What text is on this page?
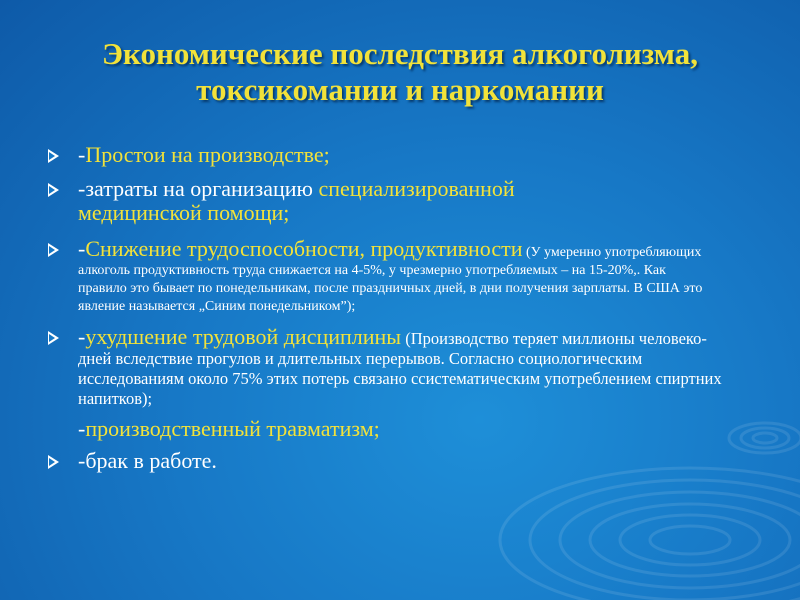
Экономические последствия алкоголизма, токсикомании и наркомании
-Простои на производстве;
-затраты на организацию специализированной медицинской помощи;
-Снижение трудоспособности, продуктивности (У умеренно употребляющих алкоголь продуктивность труда снижается на 4-5%, у чрезмерно употребляемых – на 15-20%,. Как правило это бывает по понедельникам, после праздничных дней, в дни получения зарплаты. В США это явление называется „Синим понедельником”);
-ухудшение трудовой дисциплины (Производство теряет миллионы человеко-дней вследствие прогулов и длительных перерывов. Согласно социологическим исследованиям около 75% этих потерь связано ссистематическим употреблением спиртних напитков);
-производственный травматизм;
-брак в работе.
